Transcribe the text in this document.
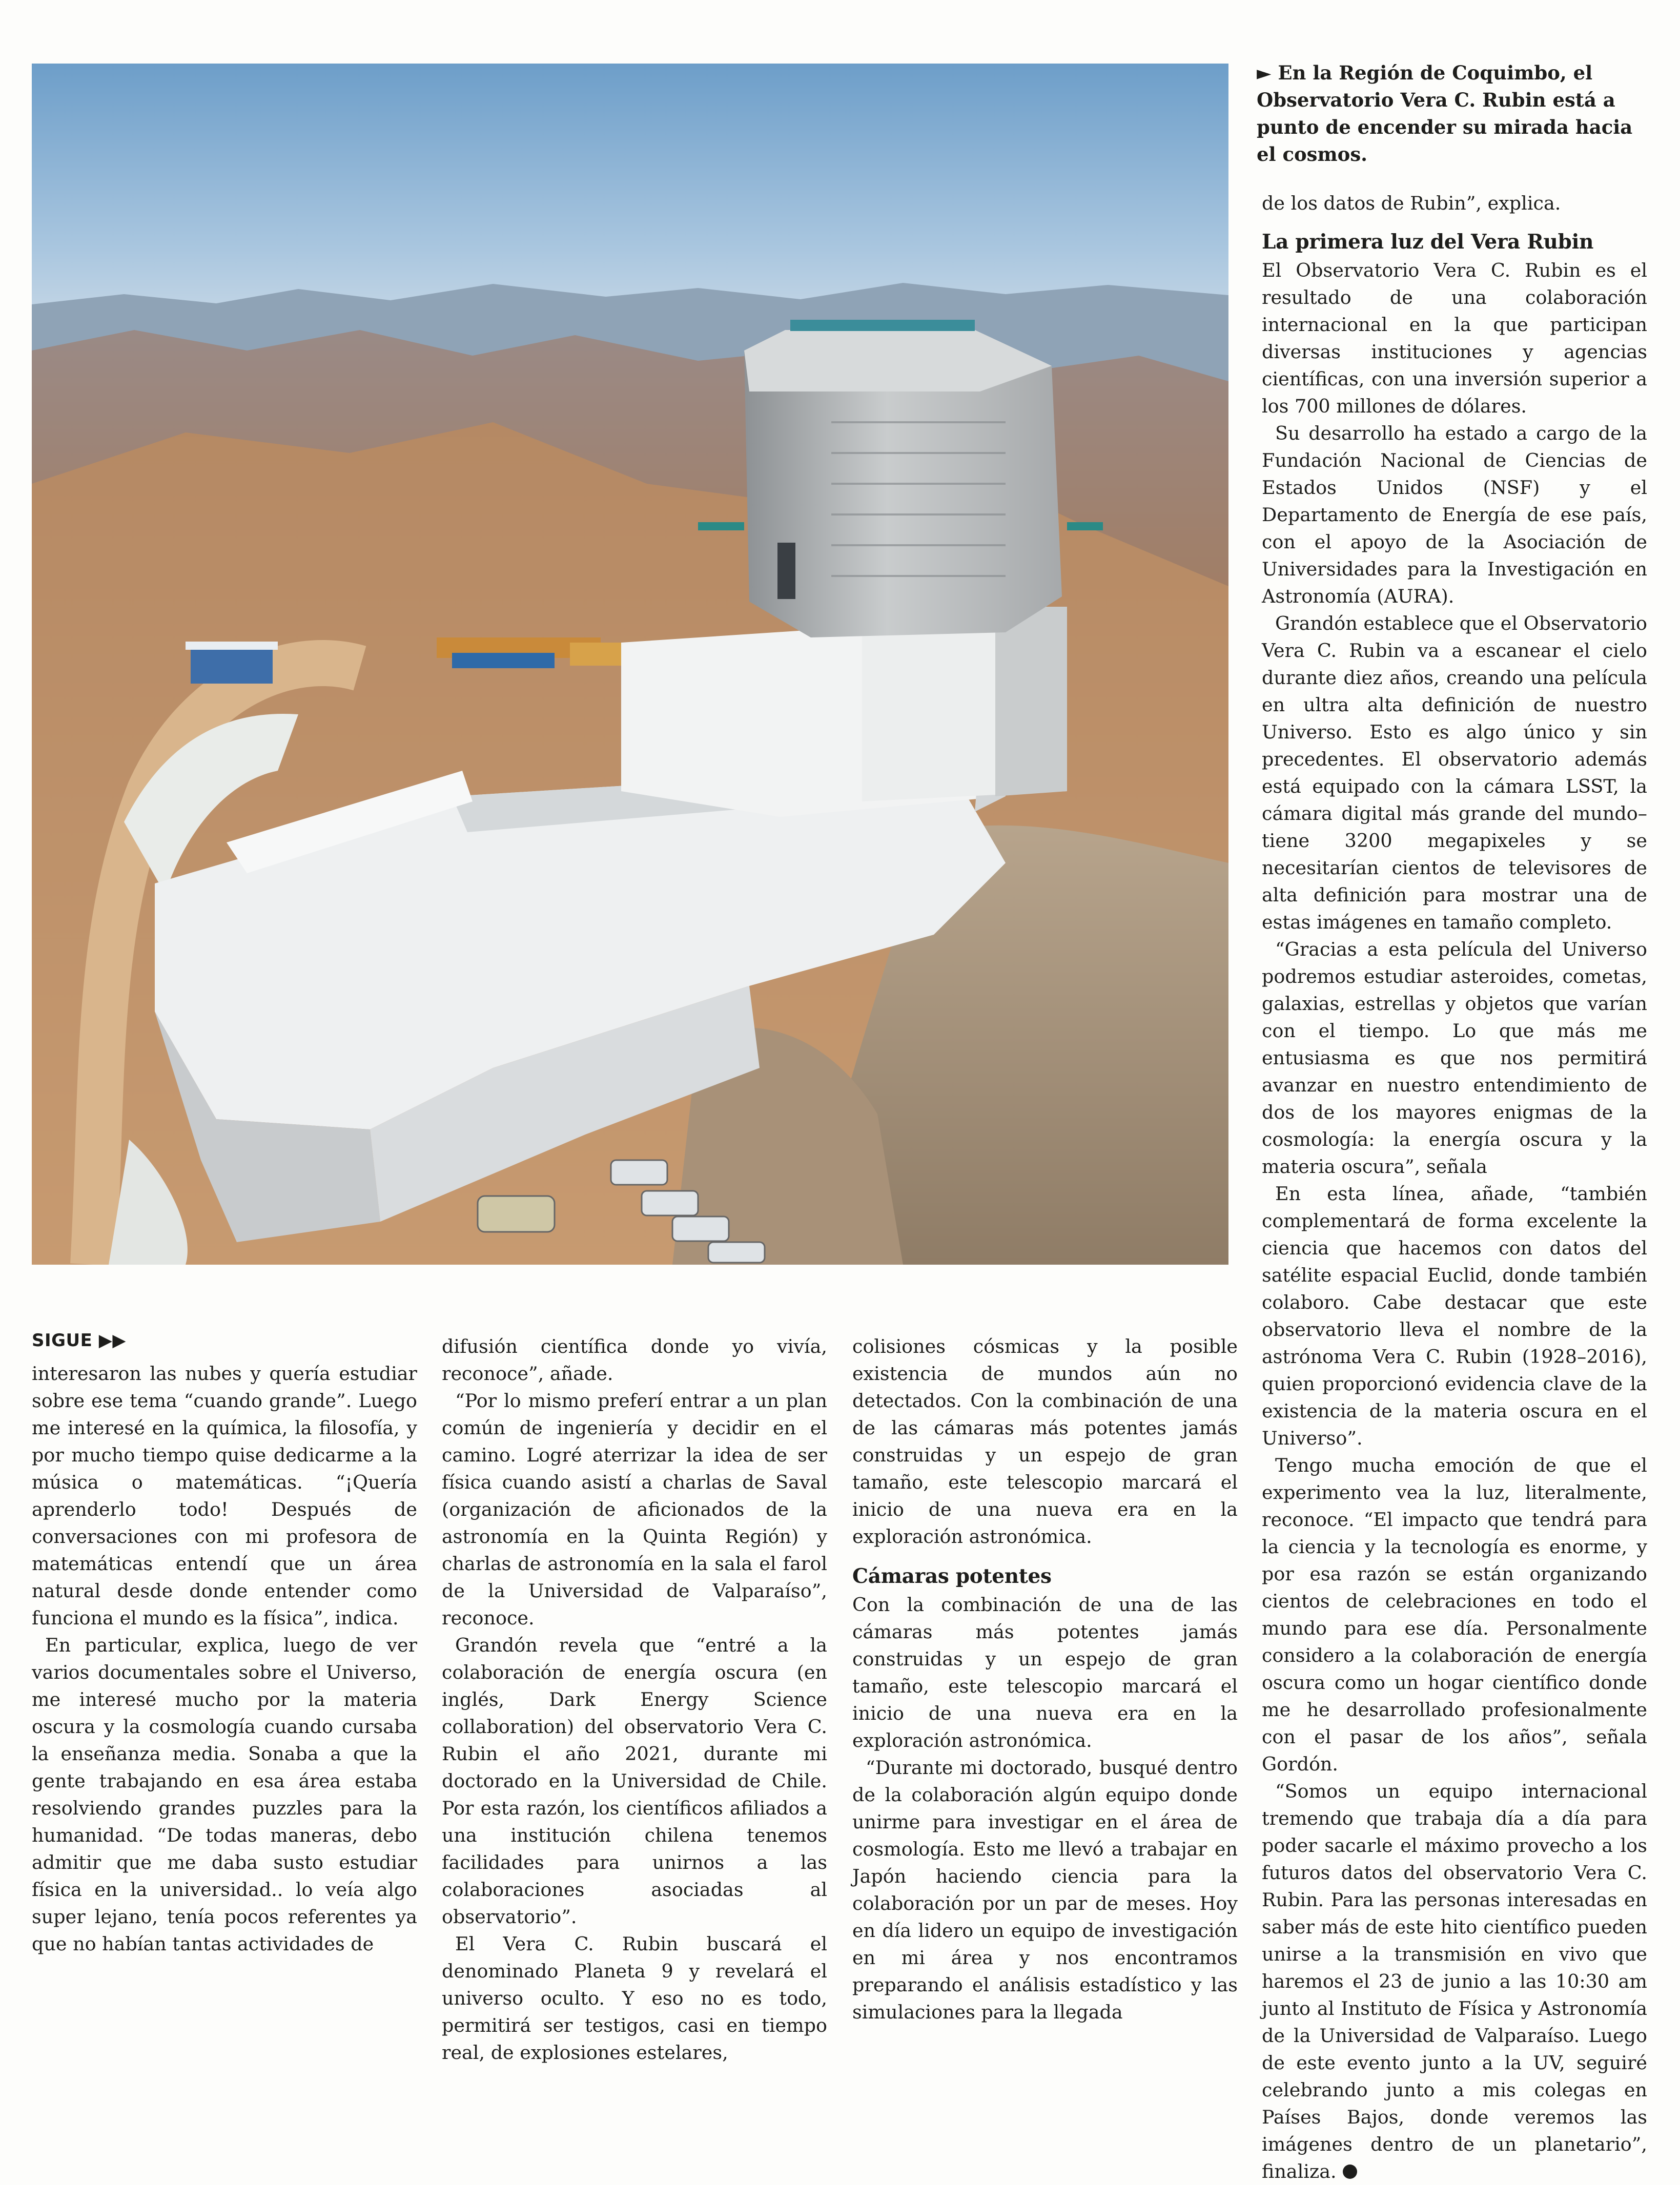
► En la Región de Coquimbo, el Observatorio Vera C. Rubin está a punto de encender su mirada hacia el cosmos.
SIGUE ▶▶

interesaron las nubes y quería estudiar sobre ese tema “cuando grande”. Luego me interesé en la química, la filosofía, y por mucho tiempo quise dedicarme a la música o matemáticas. “¡Quería aprenderlo todo! Después de conversaciones con mi profesora de matemáticas entendí que un área natural desde donde entender como funciona el mundo es la física”, indica.

En particular, explica, luego de ver varios documentales sobre el Universo, me interesé mucho por la materia oscura y la cosmología cuando cursaba la enseñanza media. Sonaba a que la gente trabajando en esa área estaba resolviendo grandes puzzles para la humanidad. “De todas maneras, debo admitir que me daba susto estudiar física en la universidad.. lo veía algo super lejano, tenía pocos referentes ya que no habían tantas actividades de

difusión científica donde yo vivía, reconoce”, añade.

“Por lo mismo preferí entrar a un plan común de ingeniería y decidir en el camino. Logré aterrizar la idea de ser física cuando asistí a charlas de Saval (organización de aficionados de la astronomía en la Quinta Región) y charlas de astronomía en la sala el farol de la Universidad de Valparaíso”, reconoce.

Grandón revela que “entré a la colaboración de energía oscura (en inglés, Dark Energy Science collaboration) del observatorio Vera C. Rubin el año 2021, durante mi doctorado en la Universidad de Chile. Por esta razón, los científicos afiliados a una institución chilena tenemos facilidades para unirnos a las colaboraciones asociadas al observatorio”.

El Vera C. Rubin buscará el denominado Planeta 9 y revelará el universo oculto. Y eso no es todo, permitirá ser testigos, casi en tiempo real, de explosiones estelares,

colisiones cósmicas y la posible existencia de mundos aún no detectados. Con la combinación de una de las cámaras más potentes jamás construidas y un espejo de gran tamaño, este telescopio marcará el inicio de una nueva era en la exploración astronómica.

Cámaras potentes

Con la combinación de una de las cámaras más potentes jamás construidas y un espejo de gran tamaño, este telescopio marcará el inicio de una nueva era en la exploración astronómica.

“Durante mi doctorado, busqué dentro de la colaboración algún equipo donde unirme para investigar en el área de cosmología. Esto me llevó a trabajar en Japón haciendo ciencia para la colaboración por un par de meses. Hoy en día lidero un equipo de investigación en mi área y nos encontramos preparando el análisis estadístico y las simulaciones para la llegada

de los datos de Rubin”, explica.

La primera luz del Vera Rubin

El Observatorio Vera C. Rubin es el resultado de una colaboración internacional en la que participan diversas instituciones y agencias científicas, con una inversión superior a los 700 millones de dólares.

Su desarrollo ha estado a cargo de la Fundación Nacional de Ciencias de Estados Unidos (NSF) y el Departamento de Energía de ese país, con el apoyo de la Asociación de Universidades para la Investigación en Astronomía (AURA).

Grandón establece que el Observatorio Vera C. Rubin va a escanear el cielo durante diez años, creando una película en ultra alta definición de nuestro Universo. Esto es algo único y sin precedentes. El observatorio además está equipado con la cámara LSST, la cámara digital más grande del mundo– tiene 3200 megapixeles y se necesitarían cientos de televisores de alta definición para mostrar una de estas imágenes en tamaño completo.

“Gracias a esta película del Universo podremos estudiar asteroides, cometas, galaxias, estrellas y objetos que varían con el tiempo. Lo que más me entusiasma es que nos permitirá avanzar en nuestro entendimiento de dos de los mayores enigmas de la cosmología: la energía oscura y la materia oscura”, señala

En esta línea, añade, “también complementará de forma excelente la ciencia que hacemos con datos del satélite espacial Euclid, donde también colaboro. Cabe destacar que este observatorio lleva el nombre de la astrónoma Vera C. Rubin (1928–2016), quien proporcionó evidencia clave de la existencia de la materia oscura en el Universo”.

Tengo mucha emoción de que el experimento vea la luz, literalmente, reconoce. “El impacto que tendrá para la ciencia y la tecnología es enorme, y por esa razón se están organizando cientos de celebraciones en todo el mundo para ese día. Personalmente considero a la colaboración de energía oscura como un hogar científico donde me he desarrollado profesionalmente con el pasar de los años”, señala Gordón.

“Somos un equipo internacional tremendo que trabaja día a día para poder sacarle el máximo provecho a los futuros datos del observatorio Vera C. Rubin. Para las personas interesadas en saber más de este hito científico pueden unirse a la transmisión en vivo que haremos el 23 de junio a las 10:30 am junto al Instituto de Física y Astronomía de la Universidad de Valparaíso. Luego de este evento junto a la UV, seguiré celebrando junto a mis colegas en Países Bajos, donde veremos las imágenes dentro de un planetario”, finaliza.
